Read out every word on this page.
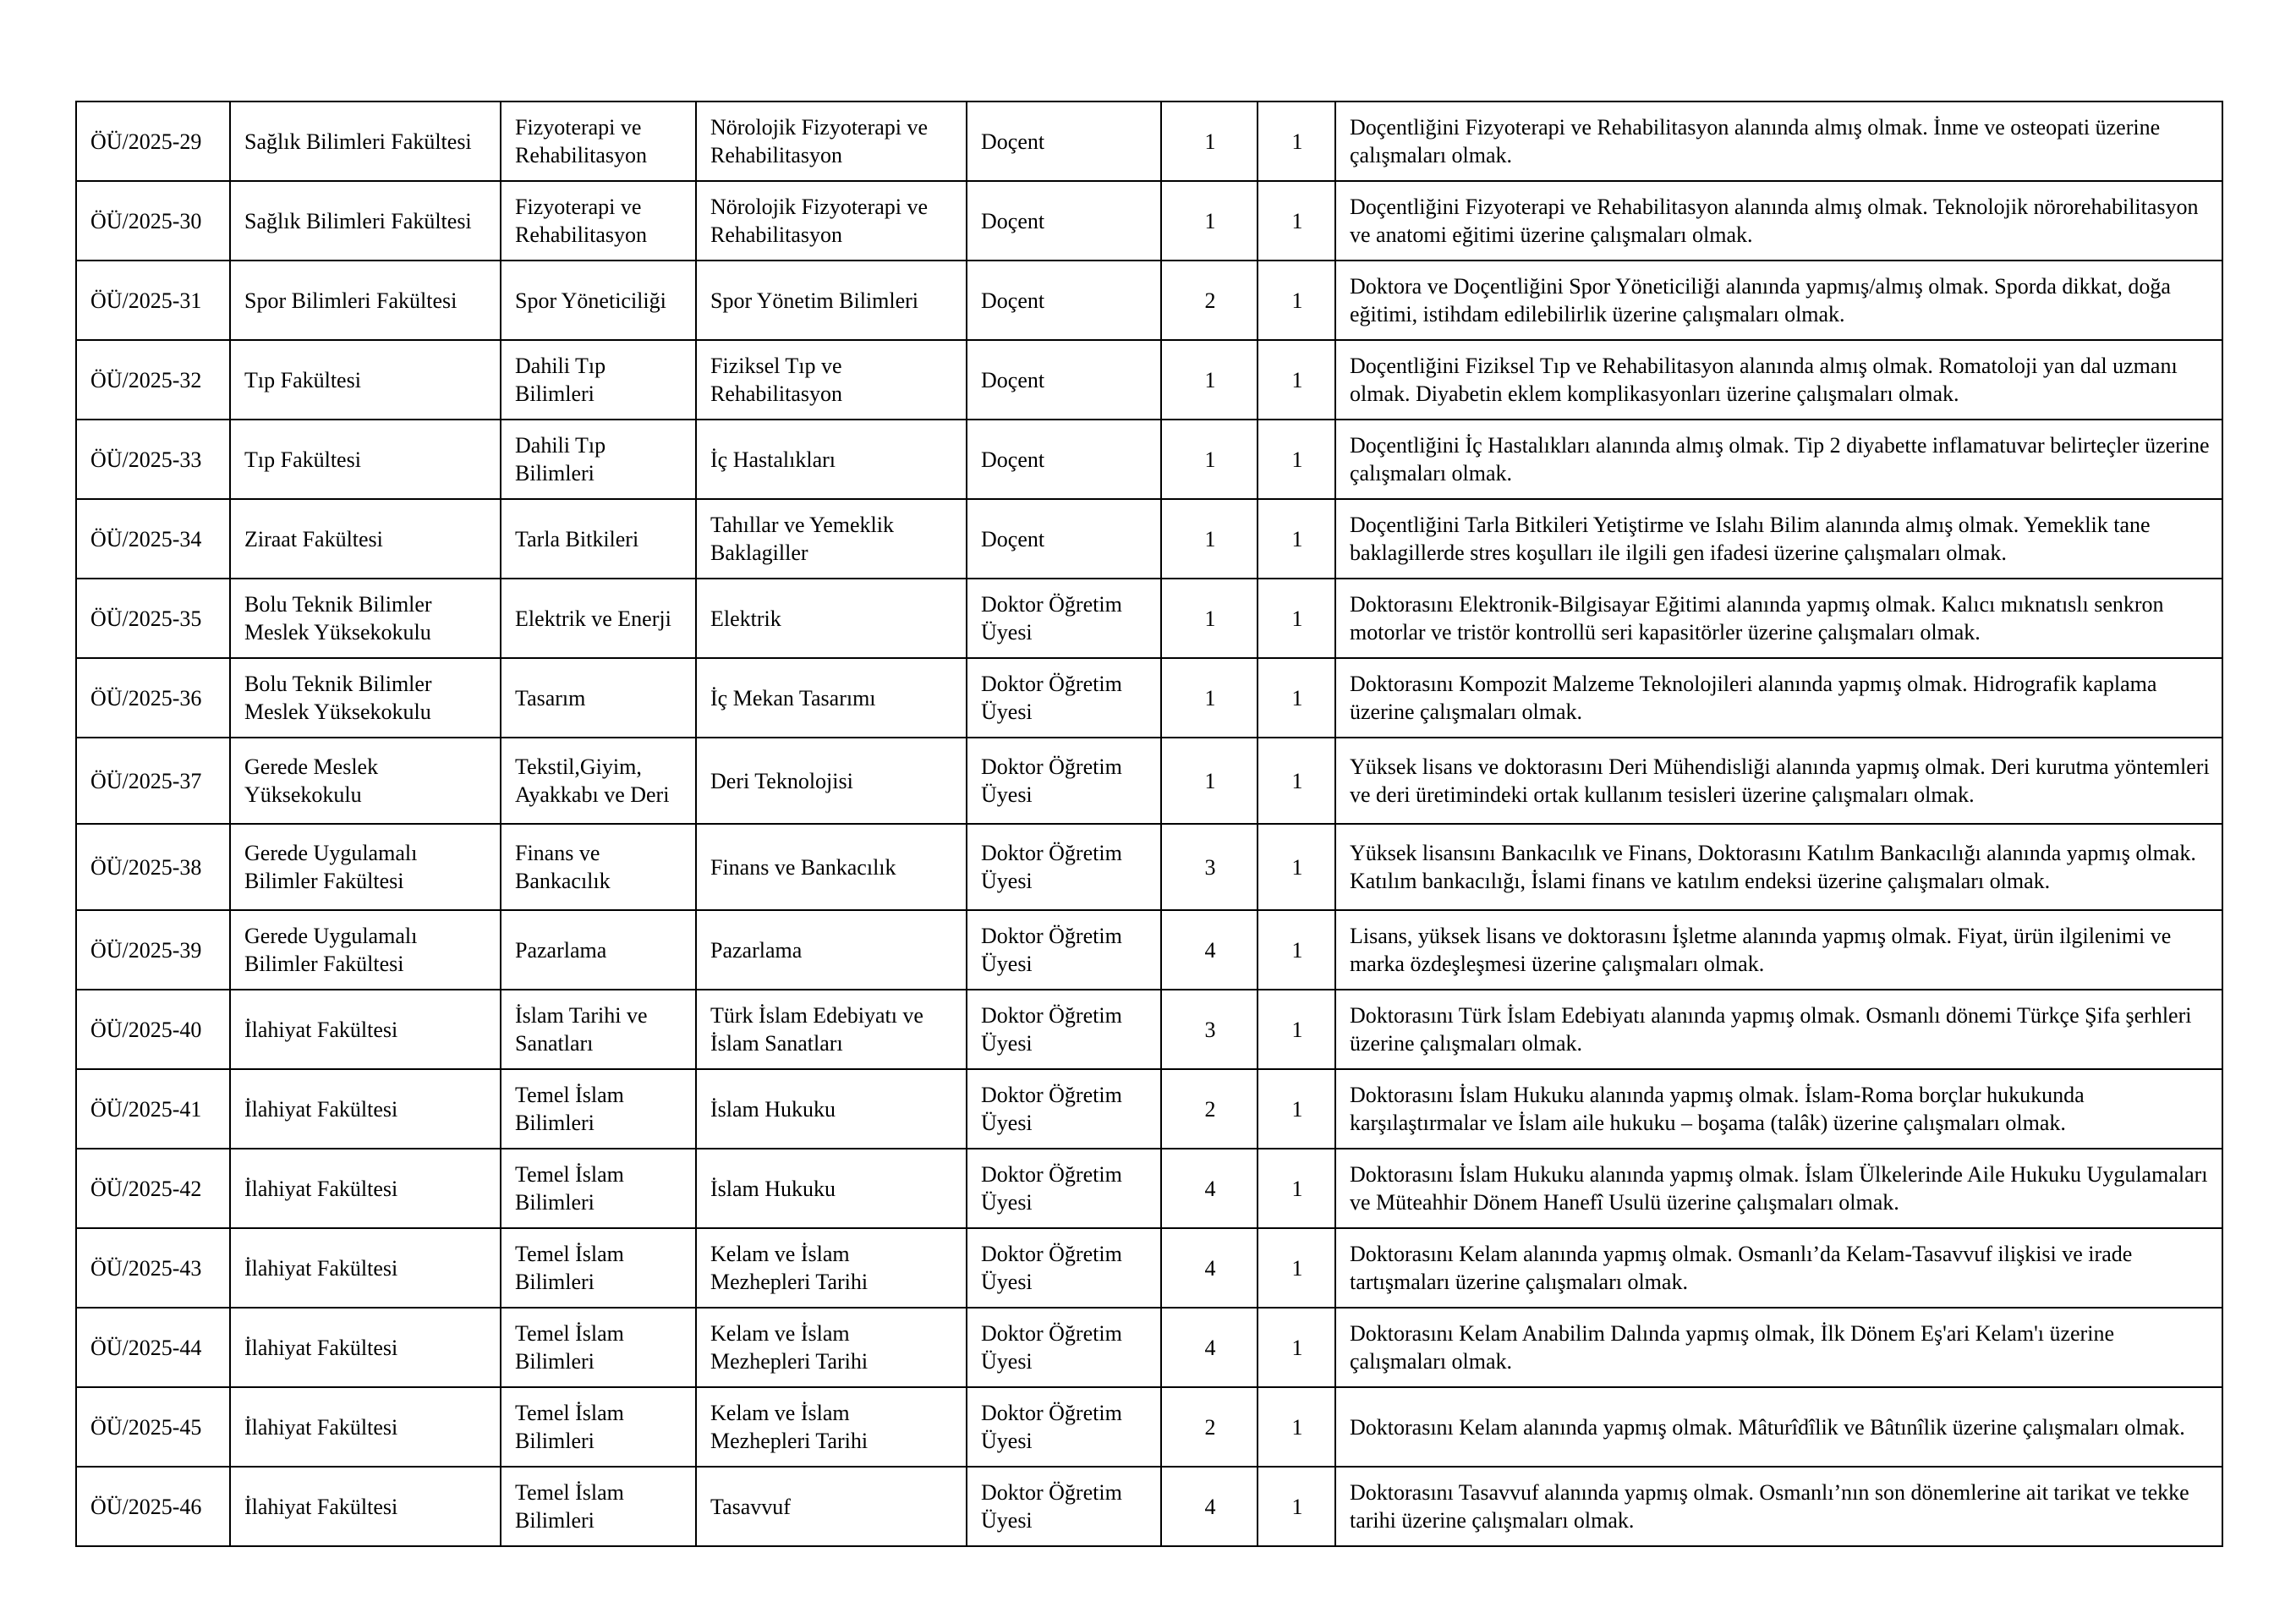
ÖÜ/2025-29	Sağlık Bilimleri Fakültesi	Fizyoterapi ve Rehabilitasyon	Nörolojik Fizyoterapi ve Rehabilitasyon	Doçent	1	1	Doçentliğini Fizyoterapi ve Rehabilitasyon alanında almış olmak. İnme ve osteopati üzerine çalışmaları olmak.
ÖÜ/2025-30	Sağlık Bilimleri Fakültesi	Fizyoterapi ve Rehabilitasyon	Nörolojik Fizyoterapi ve Rehabilitasyon	Doçent	1	1	Doçentliğini Fizyoterapi ve Rehabilitasyon alanında almış olmak. Teknolojik nörorehabilitasyon ve anatomi eğitimi üzerine çalışmaları olmak.
ÖÜ/2025-31	Spor Bilimleri Fakültesi	Spor Yöneticiliği	Spor Yönetim Bilimleri	Doçent	2	1	Doktora ve Doçentliğini Spor Yöneticiliği alanında yapmış/almış olmak. Sporda dikkat, doğa eğitimi, istihdam edilebilirlik üzerine çalışmaları olmak.
ÖÜ/2025-32	Tıp Fakültesi	Dahili Tıp Bilimleri	Fiziksel Tıp ve Rehabilitasyon	Doçent	1	1	Doçentliğini Fiziksel Tıp ve Rehabilitasyon alanında almış olmak. Romatoloji yan dal uzmanı olmak. Diyabetin eklem komplikasyonları üzerine çalışmaları olmak.
ÖÜ/2025-33	Tıp Fakültesi	Dahili Tıp Bilimleri	İç Hastalıkları	Doçent	1	1	Doçentliğini İç Hastalıkları alanında almış olmak. Tip 2 diyabette inflamatuvar belirteçler üzerine çalışmaları olmak.
ÖÜ/2025-34	Ziraat Fakültesi	Tarla Bitkileri	Tahıllar ve Yemeklik Baklagiller	Doçent	1	1	Doçentliğini Tarla Bitkileri Yetiştirme ve Islahı Bilim alanında almış olmak. Yemeklik tane baklagillerde stres koşulları ile ilgili gen ifadesi üzerine çalışmaları olmak.
ÖÜ/2025-35	Bolu Teknik Bilimler Meslek Yüksekokulu	Elektrik ve Enerji	Elektrik	Doktor Öğretim Üyesi	1	1	Doktorasını Elektronik-Bilgisayar Eğitimi alanında yapmış olmak. Kalıcı mıknatıslı senkron motorlar ve tristör kontrollü seri kapasitörler üzerine çalışmaları olmak.
ÖÜ/2025-36	Bolu Teknik Bilimler Meslek Yüksekokulu	Tasarım	İç Mekan Tasarımı	Doktor Öğretim Üyesi	1	1	Doktorasını Kompozit Malzeme Teknolojileri alanında yapmış olmak. Hidrografik kaplama üzerine çalışmaları olmak.
ÖÜ/2025-37	Gerede Meslek Yüksekokulu	Tekstil,Giyim, Ayakkabı ve Deri	Deri Teknolojisi	Doktor Öğretim Üyesi	1	1	Yüksek lisans ve doktorasını Deri Mühendisliği alanında yapmış olmak. Deri kurutma yöntemleri ve deri üretimindeki ortak kullanım tesisleri üzerine çalışmaları olmak.
ÖÜ/2025-38	Gerede Uygulamalı Bilimler Fakültesi	Finans ve Bankacılık	Finans ve Bankacılık	Doktor Öğretim Üyesi	3	1	Yüksek lisansını Bankacılık ve Finans, Doktorasını Katılım Bankacılığı alanında yapmış olmak. Katılım bankacılığı, İslami finans ve katılım endeksi üzerine çalışmaları olmak.
ÖÜ/2025-39	Gerede Uygulamalı Bilimler Fakültesi	Pazarlama	Pazarlama	Doktor Öğretim Üyesi	4	1	Lisans, yüksek lisans ve doktorasını İşletme alanında yapmış olmak. Fiyat, ürün ilgilenimi ve marka özdeşleşmesi üzerine çalışmaları olmak.
ÖÜ/2025-40	İlahiyat Fakültesi	İslam Tarihi ve Sanatları	Türk İslam Edebiyatı ve İslam Sanatları	Doktor Öğretim Üyesi	3	1	Doktorasını Türk İslam Edebiyatı alanında yapmış olmak. Osmanlı dönemi Türkçe Şifa şerhleri üzerine çalışmaları olmak.
ÖÜ/2025-41	İlahiyat Fakültesi	Temel İslam Bilimleri	İslam Hukuku	Doktor Öğretim Üyesi	2	1	Doktorasını İslam Hukuku alanında yapmış olmak. İslam-Roma borçlar hukukunda karşılaştırmalar ve İslam aile hukuku – boşama (talâk) üzerine çalışmaları olmak.
ÖÜ/2025-42	İlahiyat Fakültesi	Temel İslam Bilimleri	İslam Hukuku	Doktor Öğretim Üyesi	4	1	Doktorasını İslam Hukuku alanında yapmış olmak. İslam Ülkelerinde Aile Hukuku Uygulamaları ve Müteahhir Dönem Hanefî Usulü üzerine çalışmaları olmak.
ÖÜ/2025-43	İlahiyat Fakültesi	Temel İslam Bilimleri	Kelam ve İslam Mezhepleri Tarihi	Doktor Öğretim Üyesi	4	1	Doktorasını Kelam alanında yapmış olmak. Osmanlı’da Kelam-Tasavvuf ilişkisi ve irade tartışmaları üzerine çalışmaları olmak.
ÖÜ/2025-44	İlahiyat Fakültesi	Temel İslam Bilimleri	Kelam ve İslam Mezhepleri Tarihi	Doktor Öğretim Üyesi	4	1	Doktorasını Kelam Anabilim Dalında yapmış olmak, İlk Dönem Eş'ari Kelam'ı üzerine çalışmaları olmak.
ÖÜ/2025-45	İlahiyat Fakültesi	Temel İslam Bilimleri	Kelam ve İslam Mezhepleri Tarihi	Doktor Öğretim Üyesi	2	1	Doktorasını Kelam alanında yapmış olmak. Mâturîdîlik ve Bâtınîlik üzerine çalışmaları olmak.
ÖÜ/2025-46	İlahiyat Fakültesi	Temel İslam Bilimleri	Tasavvuf	Doktor Öğretim Üyesi	4	1	Doktorasını Tasavvuf alanında yapmış olmak. Osmanlı’nın son dönemlerine ait tarikat ve tekke tarihi üzerine çalışmaları olmak.
